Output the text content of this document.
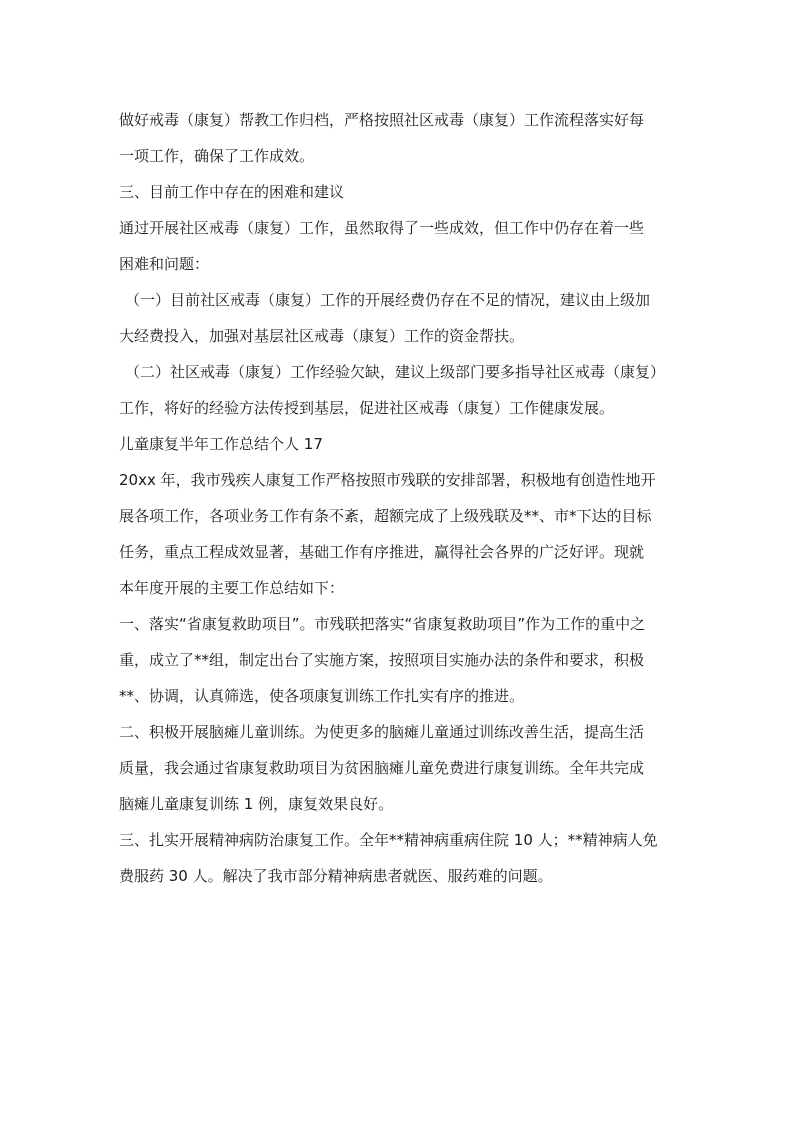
做好戒毒（康复）帮教工作归档，严格按照社区戒毒（康复）工作流程落实好每
一项工作，确保了工作成效。
三、目前工作中存在的困难和建议
通过开展社区戒毒（康复）工作，虽然取得了一些成效，但工作中仍存在着一些
困难和问题：
（一）目前社区戒毒（康复）工作的开展经费仍存在不足的情况，建议由上级加
大经费投入，加强对基层社区戒毒（康复）工作的资金帮扶。
（二）社区戒毒（康复）工作经验欠缺，建议上级部门要多指导社区戒毒（康复）
工作，将好的经验方法传授到基层，促进社区戒毒（康复）工作健康发展。
儿童康复半年工作总结个人 17
20xx 年，我市残疾人康复工作严格按照市残联的安排部署，积极地有创造性地开
展各项工作，各项业务工作有条不紊，超额完成了上级残联及**、市*下达的目标
任务，重点工程成效显著，基础工作有序推进，赢得社会各界的广泛好评。现就
本年度开展的主要工作总结如下：
一、落实“省康复救助项目”。市残联把落实“省康复救助项目”作为工作的重中之
重，成立了**组，制定出台了实施方案，按照项目实施办法的条件和要求，积极
**、协调，认真筛选，使各项康复训练工作扎实有序的推进。
二、积极开展脑瘫儿童训练。为使更多的脑瘫儿童通过训练改善生活，提高生活
质量，我会通过省康复救助项目为贫困脑瘫儿童免费进行康复训练。全年共完成
脑瘫儿童康复训练 1 例，康复效果良好。
三、扎实开展精神病防治康复工作。全年**精神病重病住院 10 人；**精神病人免
费服药 30 人。解决了我市部分精神病患者就医、服药难的问题。
